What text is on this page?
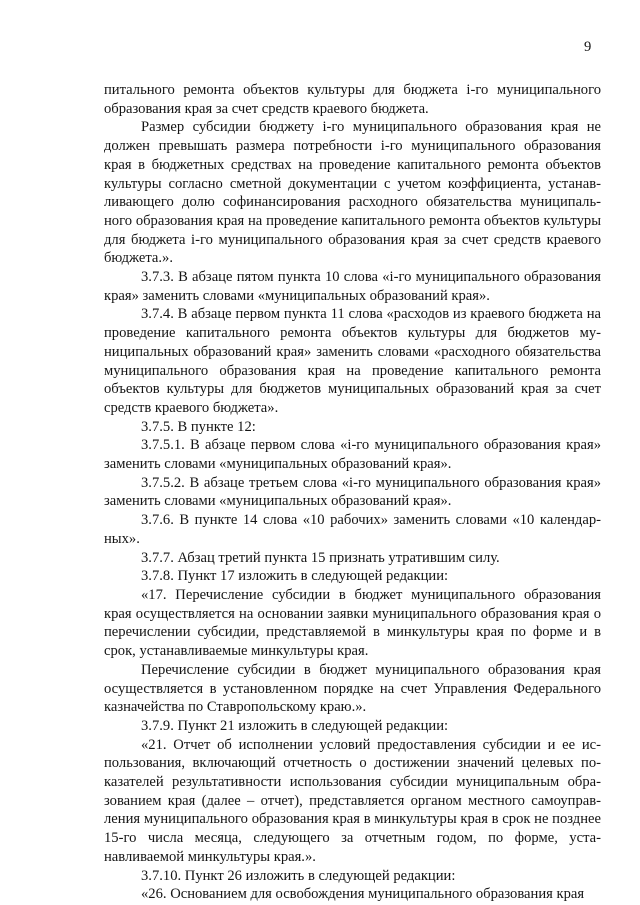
9

питального ремонта объектов культуры для бюджета i-го муниципального образования края за счет средств краевого бюджета.

Размер субсидии бюджету i-го муниципального образования края не должен превышать размера потребности i-го муниципального образования края в бюджетных средствах на проведение капитального ремонта объектов культуры согласно сметной документации с учетом коэффициента, устанавливающего долю софинансирования расходного обязательства муниципального образования края на проведение капитального ремонта объектов культуры для бюджета i-го муниципального образования края за счет средств краевого бюджета.».

3.7.3. В абзаце пятом пункта 10 слова «i-го муниципального образования края» заменить словами «муниципальных образований края».

3.7.4. В абзаце первом пункта 11 слова «расходов из краевого бюджета на проведение капитального ремонта объектов культуры для бюджетов муниципальных образований края» заменить словами «расходного обязательства муниципального образования края на проведение капитального ремонта объектов культуры для бюджетов муниципальных образований края за счет средств краевого бюджета».

3.7.5. В пункте 12:

3.7.5.1. В абзаце первом слова «i-го муниципального образования края» заменить словами «муниципальных образований края».

3.7.5.2. В абзаце третьем слова «i-го муниципального образования края» заменить словами «муниципальных образований края».

3.7.6. В пункте 14 слова «10 рабочих» заменить словами «10 календарных».

3.7.7. Абзац третий пункта 15 признать утратившим силу.

3.7.8. Пункт 17 изложить в следующей редакции:

«17. Перечисление субсидии в бюджет муниципального образования края осуществляется на основании заявки муниципального образования края о перечислении субсидии, представляемой в минкультуры края по форме и в срок, устанавливаемые минкультуры края.

Перечисление субсидии в бюджет муниципального образования края осуществляется в установленном порядке на счет Управления Федерального казначейства по Ставропольскому краю.».

3.7.9. Пункт 21 изложить в следующей редакции:

«21. Отчет об исполнении условий предоставления субсидии и ее использования, включающий отчетность о достижении значений целевых показателей результативности использования субсидии муниципальным образованием края (далее – отчет), представляется органом местного самоуправления муниципального образования края в минкультуры края в срок не позднее 15-го числа месяца, следующего за отчетным годом, по форме, устанавливаемой минкультуры края.».

3.7.10. Пункт 26 изложить в следующей редакции:

«26. Основанием для освобождения муниципального образования края
